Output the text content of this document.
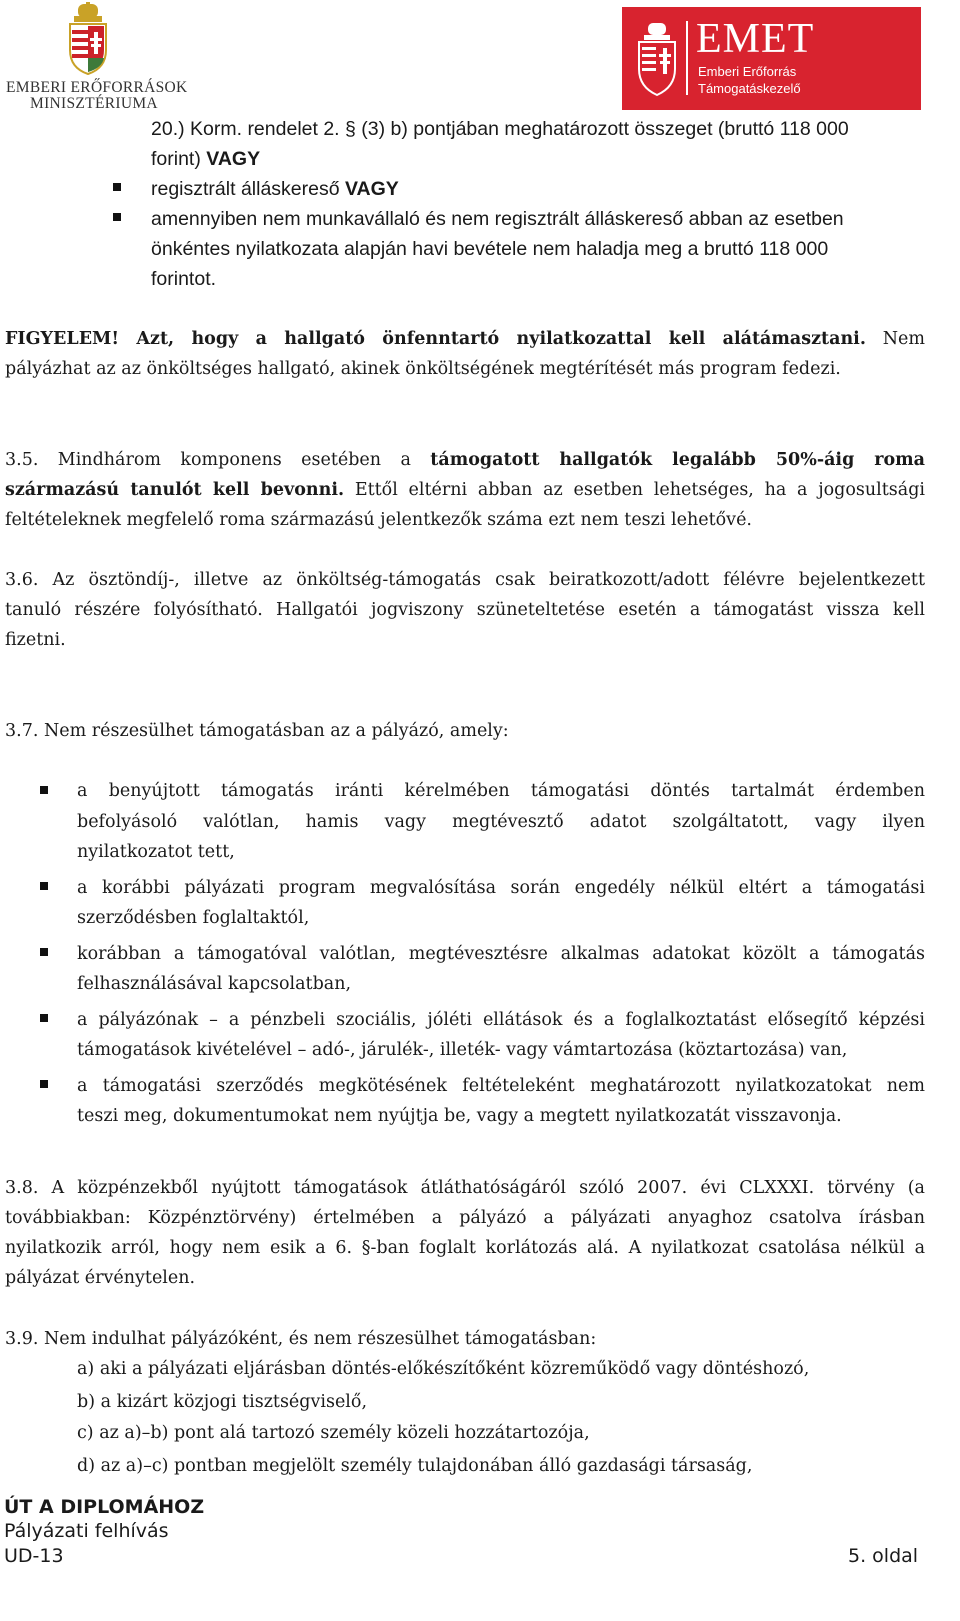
EMBERI ERŐFORRÁSOK
MINISZTÉRIUMA
EMET
Emberi Erőforrás
Támogatáskezelő
20.) Korm. rendelet 2. § (3) b) pontjában meghatározott összeget (bruttó 118 000
forint) VAGY
regisztrált álláskereső VAGY
amennyiben nem munkavállaló és nem regisztrált álláskereső abban az esetben
önkéntes nyilatkozata alapján havi bevétele nem haladja meg a bruttó 118 000
forintot.
FIGYELEM! Azt, hogy a hallgató önfenntartó nyilatkozattal kell alátámasztani. Nem
pályázhat az az önköltséges hallgató, akinek önköltségének megtérítését más program fedezi.
3.5. Mindhárom komponens esetében a támogatott hallgatók legalább 50%-áig roma
származású tanulót kell bevonni. Ettől eltérni abban az esetben lehetséges, ha a jogosultsági
feltételeknek megfelelő roma származású jelentkezők száma ezt nem teszi lehetővé.
3.6. Az ösztöndíj-, illetve az önköltség-támogatás csak beiratkozott/adott félévre bejelentkezett
tanuló részére folyósítható. Hallgatói jogviszony szüneteltetése esetén a támogatást vissza kell
fizetni.
3.7. Nem részesülhet támogatásban az a pályázó, amely:
a benyújtott támogatás iránti kérelmében támogatási döntés tartalmát érdemben
befolyásoló valótlan, hamis vagy megtévesztő adatot szolgáltatott, vagy ilyen
nyilatkozatot tett,
a korábbi pályázati program megvalósítása során engedély nélkül eltért a támogatási
szerződésben foglaltaktól,
korábban a támogatóval valótlan, megtévesztésre alkalmas adatokat közölt a támogatás
felhasználásával kapcsolatban,
a pályázónak – a pénzbeli szociális, jóléti ellátások és a foglalkoztatást elősegítő képzési
támogatások kivételével – adó-, járulék-, illeték- vagy vámtartozása (köztartozása) van,
a támogatási szerződés megkötésének feltételeként meghatározott nyilatkozatokat nem
teszi meg, dokumentumokat nem nyújtja be, vagy a megtett nyilatkozatát visszavonja.
3.8. A közpénzekből nyújtott támogatások átláthatóságáról szóló 2007. évi CLXXXI. törvény (a
továbbiakban: Közpénztörvény) értelmében a pályázó a pályázati anyaghoz csatolva írásban
nyilatkozik arról, hogy nem esik a 6. §-ban foglalt korlátozás alá. A nyilatkozat csatolása nélkül a
pályázat érvénytelen.
3.9. Nem indulhat pályázóként, és nem részesülhet támogatásban:
a) aki a pályázati eljárásban döntés-előkészítőként közreműködő vagy döntéshozó,
b) a kizárt közjogi tisztségviselő,
c) az a)–b) pont alá tartozó személy közeli hozzátartozója,
d) az a)–c) pontban megjelölt személy tulajdonában álló gazdasági társaság,
ÚT A DIPLOMÁHOZ
Pályázati felhívás
UD-13	5. oldal
